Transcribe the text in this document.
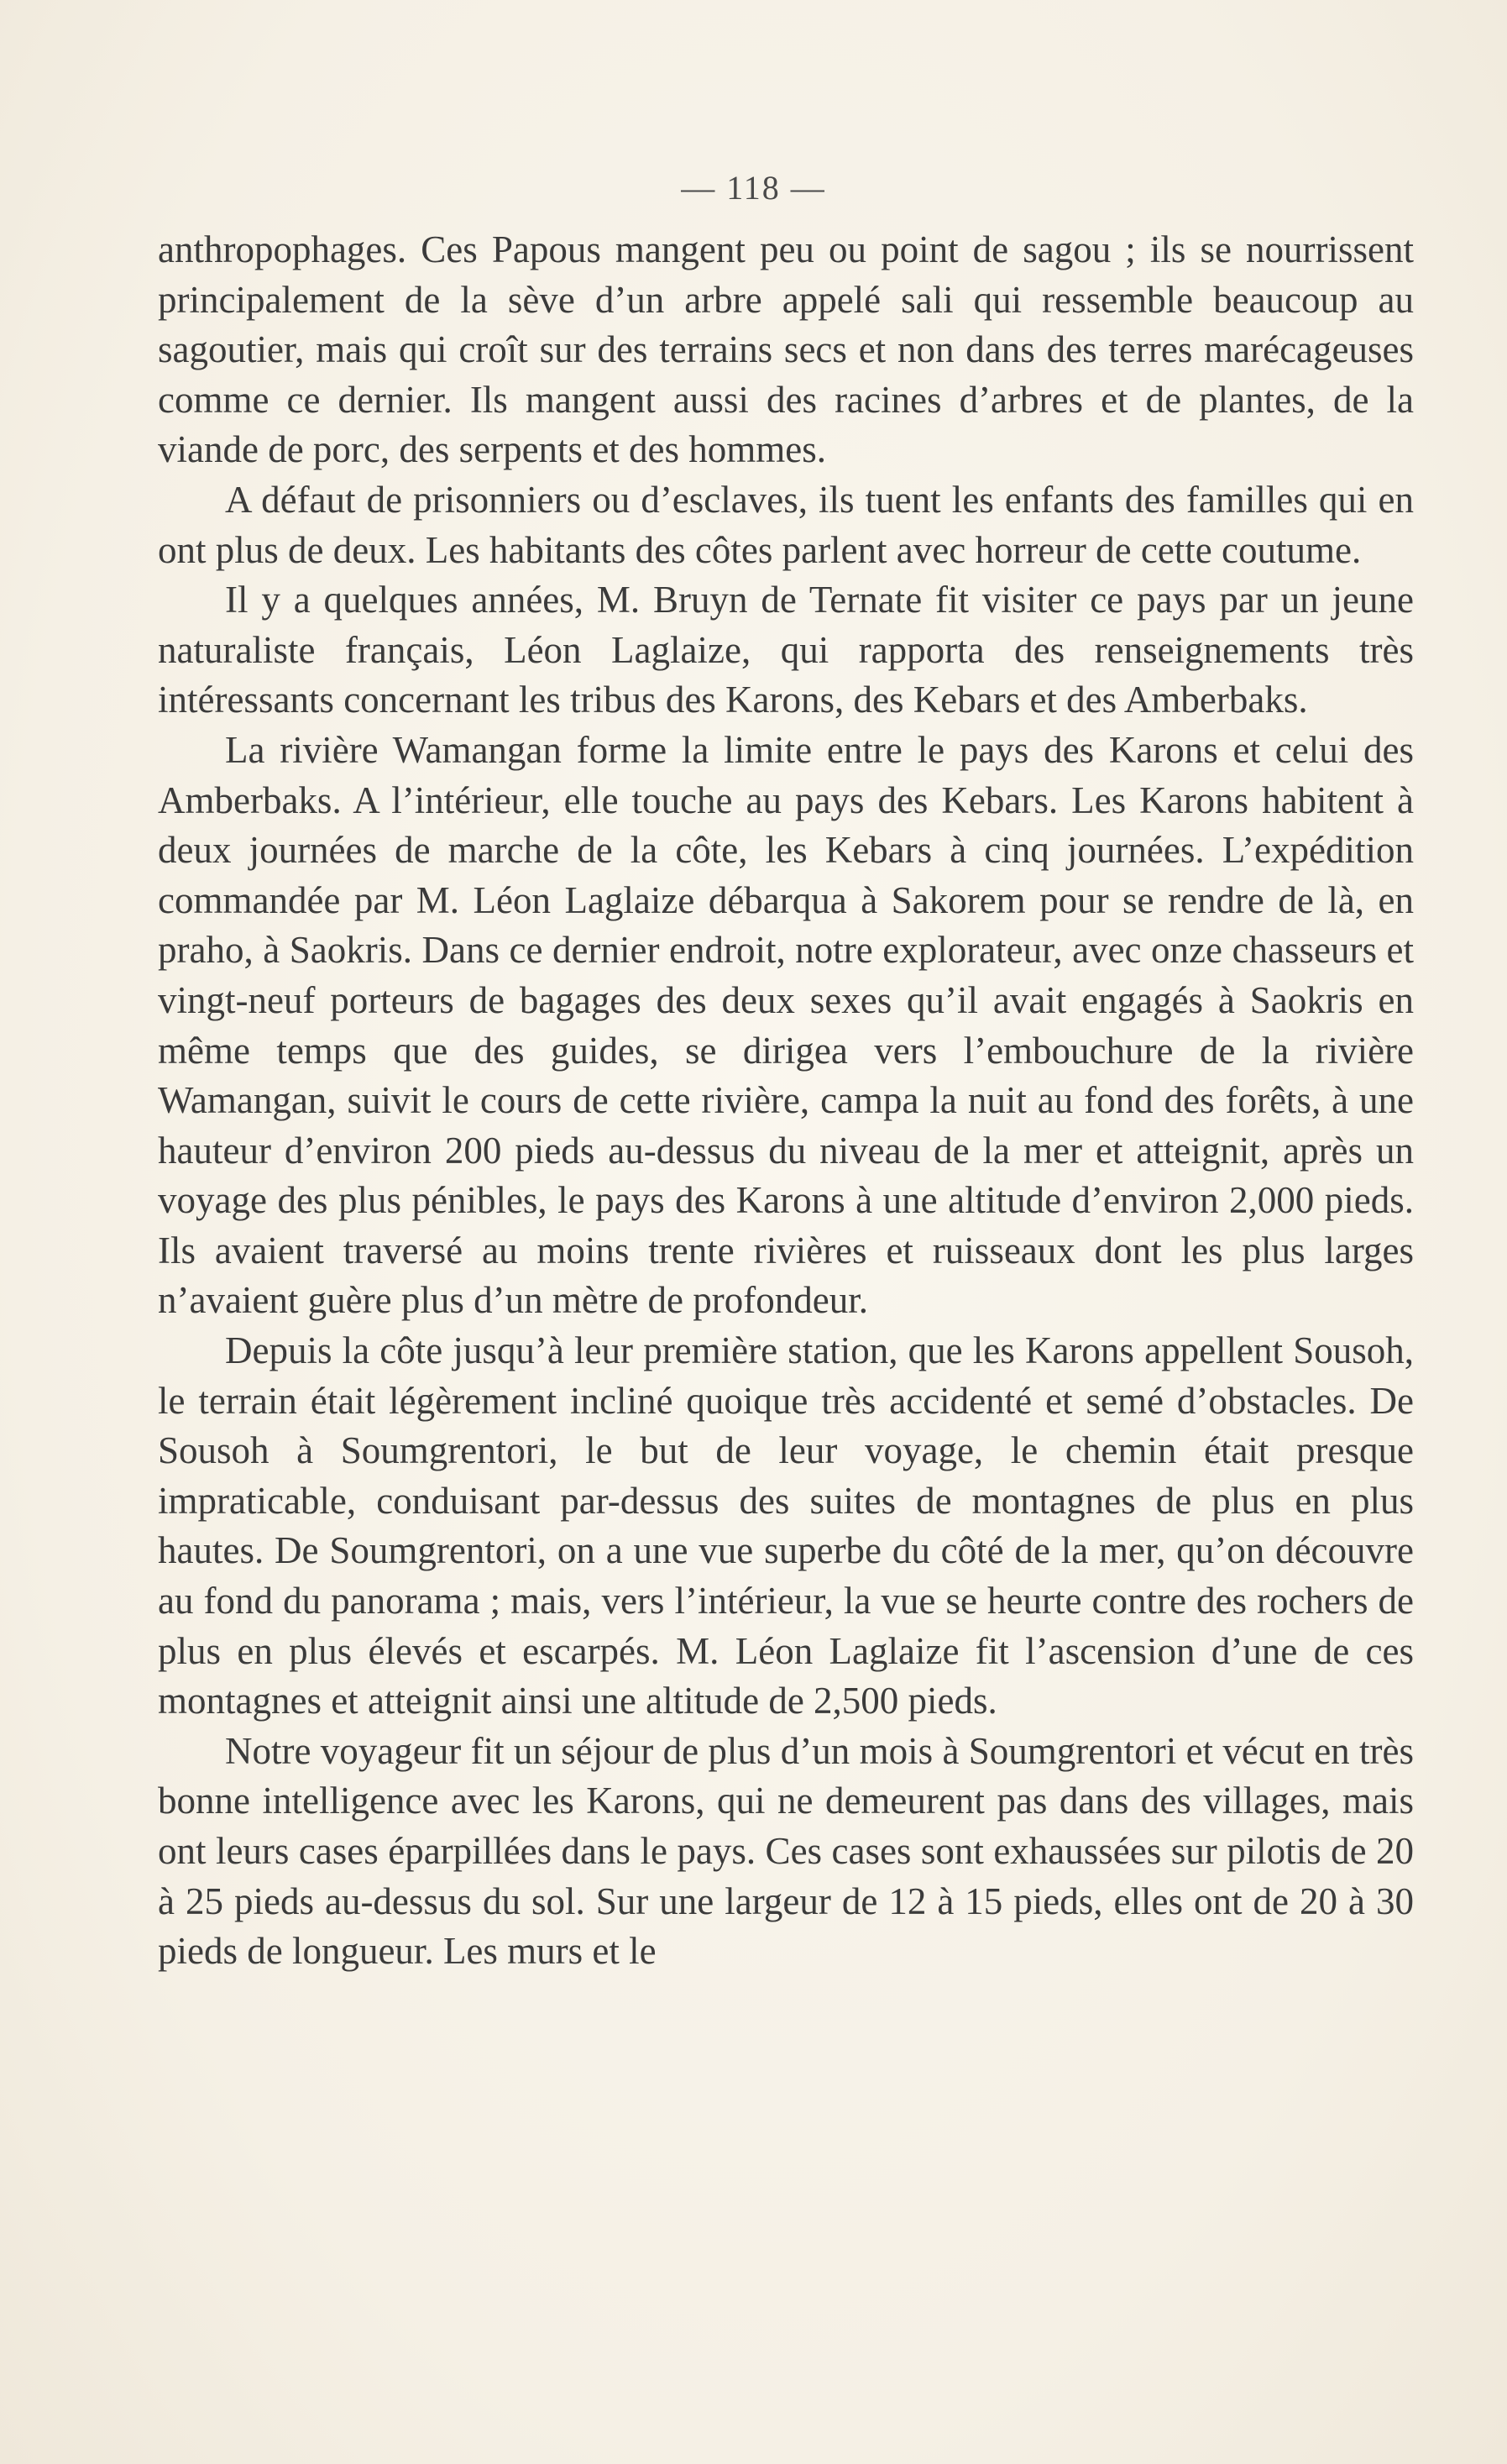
— 118 —

anthropophages. Ces Papous mangent peu ou point de sagou ; ils se nourrissent principalement de la sève d’un arbre appelé sali qui ressemble beaucoup au sagoutier, mais qui croît sur des terrains secs et non dans des terres marécageuses comme ce dernier. Ils mangent aussi des racines d’arbres et de plantes, de la viande de porc, des serpents et des hommes.

A défaut de prisonniers ou d’esclaves, ils tuent les enfants des familles qui en ont plus de deux. Les habitants des côtes parlent avec horreur de cette coutume.

Il y a quelques années, M. Bruyn de Ternate fit visiter ce pays par un jeune naturaliste français, Léon Laglaize, qui rapporta des renseignements très intéressants concernant les tribus des Karons, des Kebars et des Amberbaks.

La rivière Wamangan forme la limite entre le pays des Karons et celui des Amberbaks. A l’intérieur, elle touche au pays des Kebars. Les Karons habitent à deux journées de marche de la côte, les Kebars à cinq journées. L’expédition commandée par M. Léon Laglaize débarqua à Sakorem pour se rendre de là, en praho, à Saokris. Dans ce dernier endroit, notre explorateur, avec onze chasseurs et vingt-neuf porteurs de bagages des deux sexes qu’il avait engagés à Saokris en même temps que des guides, se dirigea vers l’embouchure de la rivière Wamangan, suivit le cours de cette rivière, campa la nuit au fond des forêts, à une hauteur d’environ 200 pieds au-dessus du niveau de la mer et atteignit, après un voyage des plus pénibles, le pays des Karons à une altitude d’environ 2,000 pieds. Ils avaient traversé au moins trente rivières et ruisseaux dont les plus larges n’avaient guère plus d’un mètre de profondeur.

Depuis la côte jusqu’à leur première station, que les Karons appellent Sousoh, le terrain était légèrement incliné quoique très accidenté et semé d’obstacles. De Sousoh à Soumgrentori, le but de leur voyage, le chemin était presque impraticable, conduisant par-dessus des suites de montagnes de plus en plus hautes. De Soumgrentori, on a une vue superbe du côté de la mer, qu’on découvre au fond du panorama ; mais, vers l’intérieur, la vue se heurte contre des rochers de plus en plus élevés et escarpés. M. Léon Laglaize fit l’ascension d’une de ces montagnes et atteignit ainsi une altitude de 2,500 pieds.

Notre voyageur fit un séjour de plus d’un mois à Soumgrentori et vécut en très bonne intelligence avec les Karons, qui ne demeurent pas dans des villages, mais ont leurs cases éparpillées dans le pays. Ces cases sont exhaussées sur pilotis de 20 à 25 pieds au-dessus du sol. Sur une largeur de 12 à 15 pieds, elles ont de 20 à 30 pieds de longueur. Les murs et le
